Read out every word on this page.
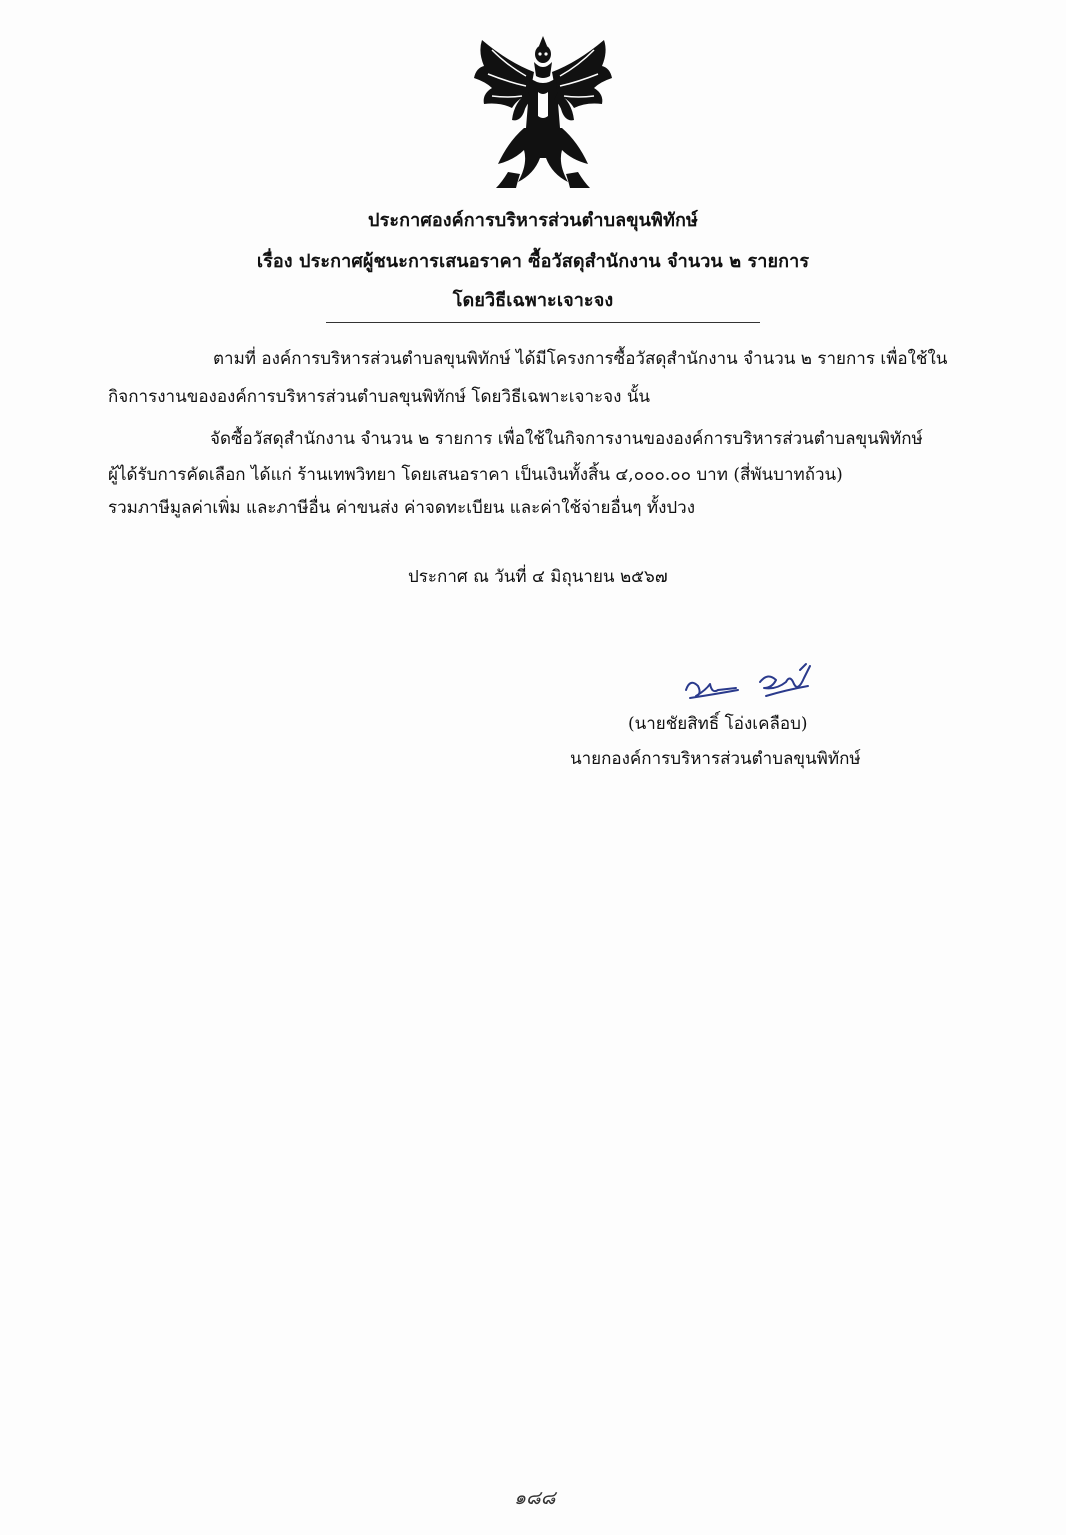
ประกาศองค์การบริหารส่วนตำบลขุนพิทักษ์
เรื่อง ประกาศผู้ชนะการเสนอราคา ซื้อวัสดุสำนักงาน จำนวน ๒ รายการ
โดยวิธีเฉพาะเจาะจง
ตามที่ องค์การบริหารส่วนตำบลขุนพิทักษ์ ได้มีโครงการซื้อวัสดุสำนักงาน จำนวน ๒ รายการ เพื่อใช้ใน
กิจการงานขององค์การบริหารส่วนตำบลขุนพิทักษ์ โดยวิธีเฉพาะเจาะจง นั้น
จัดซื้อวัสดุสำนักงาน จำนวน ๒ รายการ เพื่อใช้ในกิจการงานขององค์การบริหารส่วนตำบลขุนพิทักษ์
ผู้ได้รับการคัดเลือก ได้แก่ ร้านเทพวิทยา โดยเสนอราคา เป็นเงินทั้งสิ้น ๔,๐๐๐.๐๐ บาท (สี่พันบาทถ้วน)
รวมภาษีมูลค่าเพิ่ม และภาษีอื่น ค่าขนส่ง ค่าจดทะเบียน และค่าใช้จ่ายอื่นๆ ทั้งปวง
ประกาศ ณ วันที่ ๔ มิถุนายน ๒๕๖๗
(นายชัยสิทธิ์ โอ่งเคลือบ)
นายกองค์การบริหารส่วนตำบลขุนพิทักษ์
๑๘๘
